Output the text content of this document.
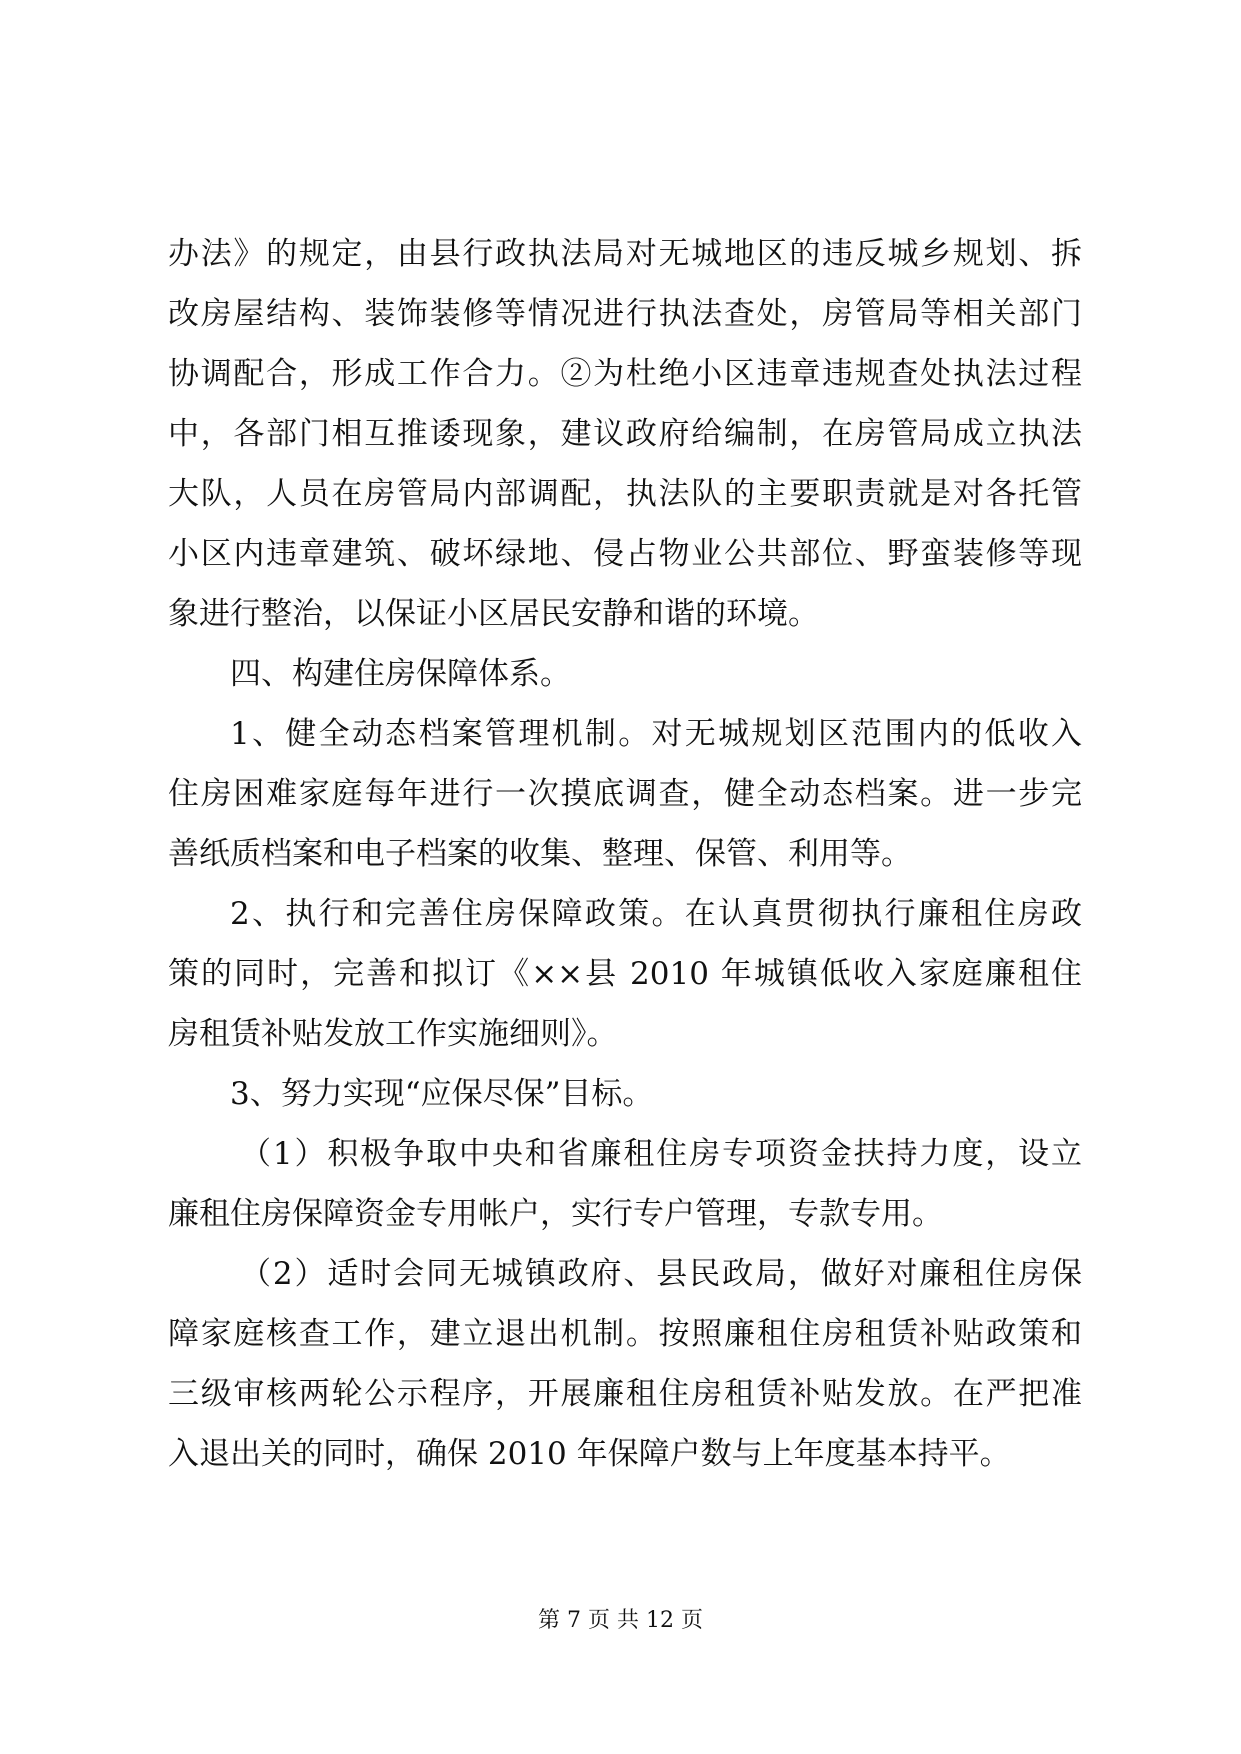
办法》的规定，由县行政执法局对无城地区的违反城乡规划、拆
改房屋结构、装饰装修等情况进行执法查处，房管局等相关部门
协调配合，形成工作合力。②为杜绝小区违章违规查处执法过程
中，各部门相互推诿现象，建议政府给编制，在房管局成立执法
大队，人员在房管局内部调配，执法队的主要职责就是对各托管
小区内违章建筑、破坏绿地、侵占物业公共部位、野蛮装修等现
象进行整治，以保证小区居民安静和谐的环境。
四、构建住房保障体系。
1、健全动态档案管理机制。对无城规划区范围内的低收入
住房困难家庭每年进行一次摸底调查，健全动态档案。进一步完
善纸质档案和电子档案的收集、整理、保管、利用等。
2、执行和完善住房保障政策。在认真贯彻执行廉租住房政
策的同时，完善和拟订《××县 2010 年城镇低收入家庭廉租住
房租赁补贴发放工作实施细则》。
3、努力实现“应保尽保”目标。
（1）积极争取中央和省廉租住房专项资金扶持力度，设立
廉租住房保障资金专用帐户，实行专户管理，专款专用。
（2）适时会同无城镇政府、县民政局，做好对廉租住房保
障家庭核查工作，建立退出机制。按照廉租住房租赁补贴政策和
三级审核两轮公示程序，开展廉租住房租赁补贴发放。在严把准
入退出关的同时，确保 2010 年保障户数与上年度基本持平。
第 7 页 共 12 页
